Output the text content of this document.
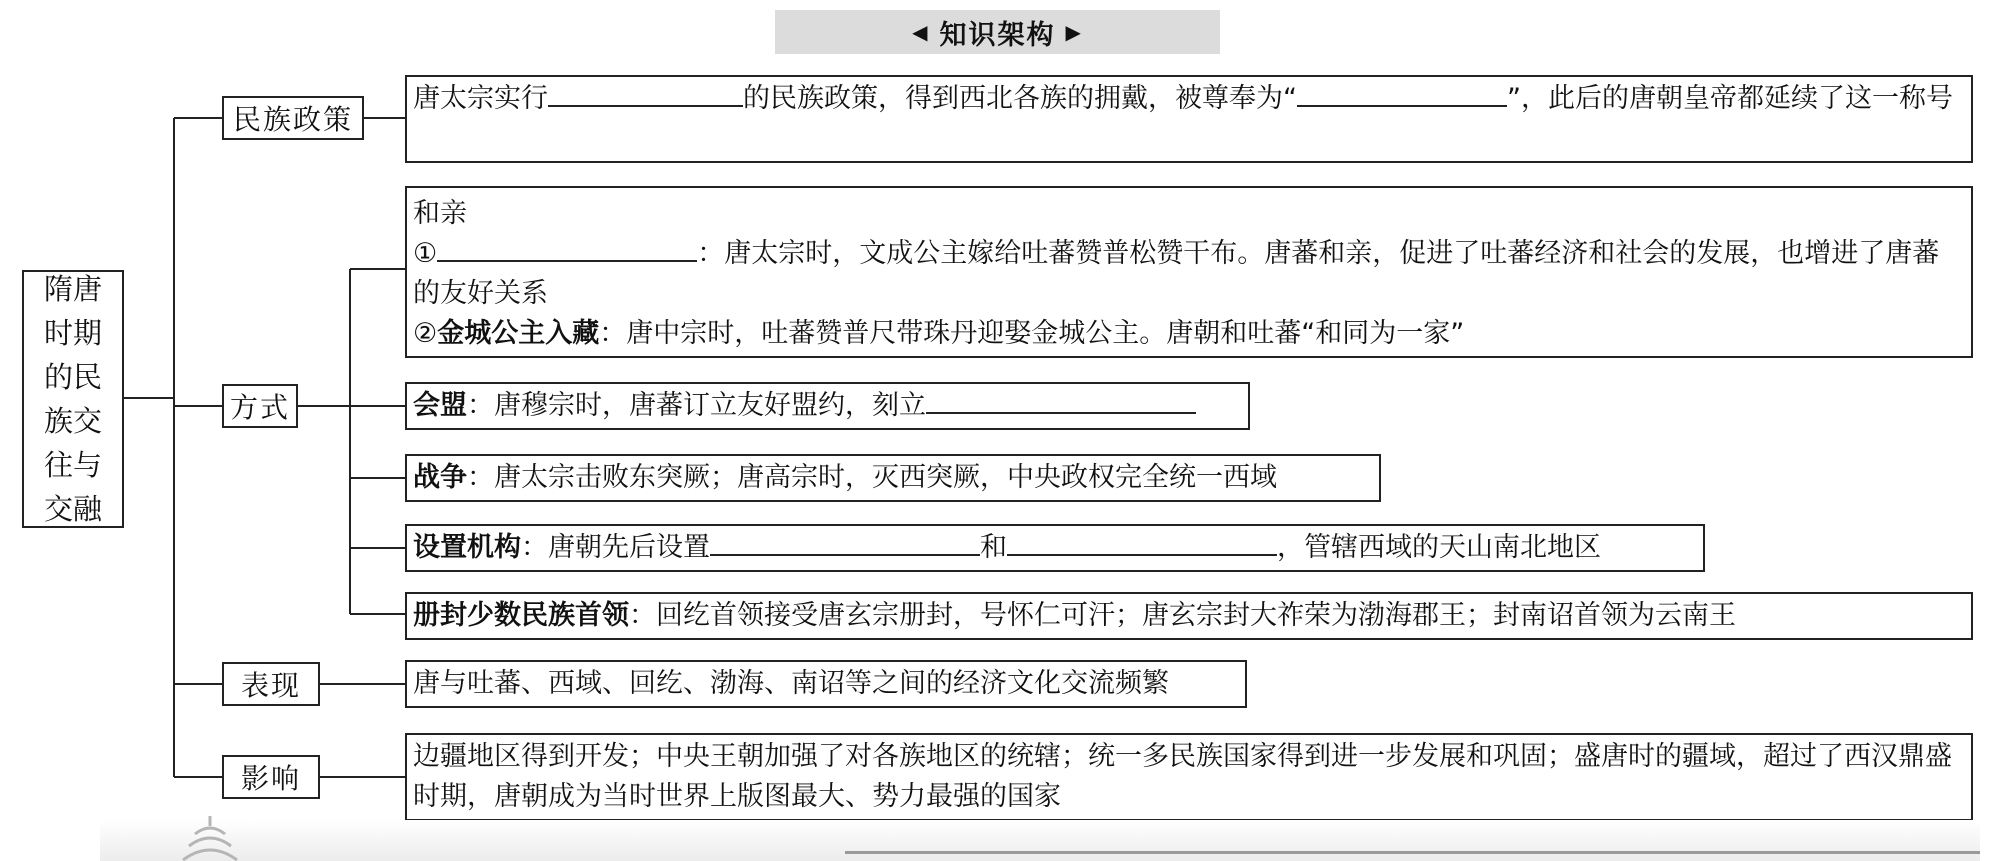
◀ 知识架构 ▶
隋唐时期的民族交往与交融
民族政策
方式
表现
影响
唐太宗实行	的民族政策，得到西北各族的拥戴，被尊奉为“	”，此后的唐朝皇帝都延续了这一称号
和亲
①	：唐太宗时，文成公主嫁给吐蕃赞普松赞干布。唐蕃和亲，促进了吐蕃经济和社会的发展，也增进了唐蕃的友好关系
②金城公主入藏：唐中宗时，吐蕃赞普尺带珠丹迎娶金城公主。唐朝和吐蕃“和同为一家”
会盟：唐穆宗时，唐蕃订立友好盟约，刻立
战争：唐太宗击败东突厥；唐高宗时，灭西突厥，中央政权完全统一西域
设置机构：唐朝先后设置	和	，管辖西域的天山南北地区
册封少数民族首领：回纥首领接受唐玄宗册封，号怀仁可汗；唐玄宗封大祚荣为渤海郡王；封南诏首领为云南王
唐与吐蕃、西域、回纥、渤海、南诏等之间的经济文化交流频繁
边疆地区得到开发；中央王朝加强了对各族地区的统辖；统一多民族国家得到进一步发展和巩固；盛唐时的疆域，超过了西汉鼎盛时期，唐朝成为当时世界上版图最大、势力最强的国家
